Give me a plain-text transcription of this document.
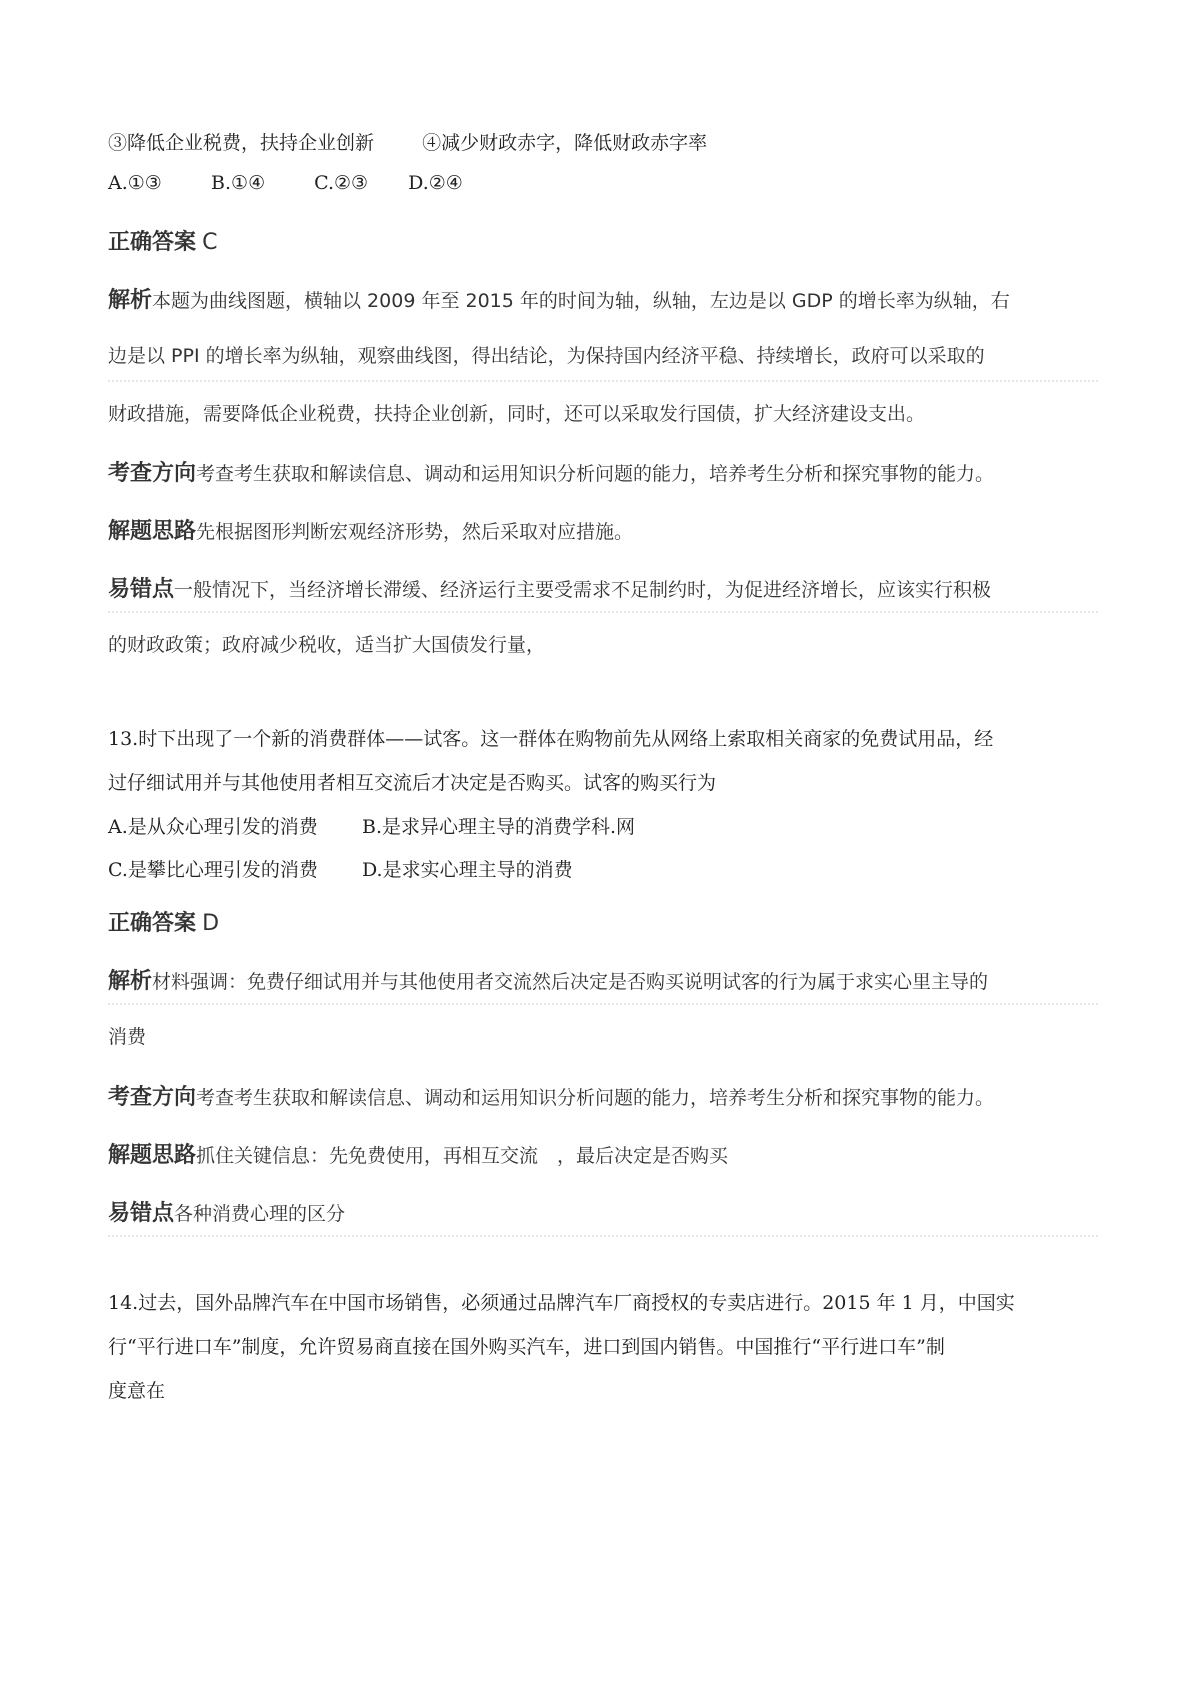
③降低企业税费，扶持企业创新	④减少财政赤字，降低财政赤字率
A.①③	B.①④	C.②③ D.②④
正确答案 C
解析本题为曲线图题，横轴以 2009 年至 2015 年的时间为轴，纵轴，左边是以 GDP 的增长率为纵轴，右
边是以 PPI 的增长率为纵轴，观察曲线图，得出结论，为保持国内经济平稳、持续增长，政府可以采取的
财政措施，需要降低企业税费，扶持企业创新，同时，还可以采取发行国债，扩大经济建设支出。
考查方向考查考生获取和解读信息、调动和运用知识分析问题的能力，培养考生分析和探究事物的能力。
解题思路先根据图形判断宏观经济形势，然后采取对应措施。
易错点一般情况下，当经济增长滞缓、经济运行主要受需求不足制约时，为促进经济增长，应该实行积极
的财政政策；政府减少税收，适当扩大国债发行量，
13.时下出现了一个新的消费群体——试客。这一群体在购物前先从网络上索取相关商家的免费试用品，经
过仔细试用并与其他使用者相互交流后才决定是否购买。试客的购买行为
A.是从众心理引发的消费 B.是求异心理主导的消费学科.网
C.是攀比心理引发的消费 D.是求实心理主导的消费
正确答案 D
解析材料强调：免费仔细试用并与其他使用者交流然后决定是否购买说明试客的行为属于求实心里主导的
消费
考查方向考查考生获取和解读信息、调动和运用知识分析问题的能力，培养考生分析和探究事物的能力。
解题思路抓住关键信息：先免费使用，再相互交流　，最后决定是否购买
易错点各种消费心理的区分
14.过去，国外品牌汽车在中国市场销售，必须通过品牌汽车厂商授权的专卖店进行。2015 年 1 月，中国实
行“平行进口车”制度，允许贸易商直接在国外购买汽车，进口到国内销售。中国推行“平行进口车”制
度意在
